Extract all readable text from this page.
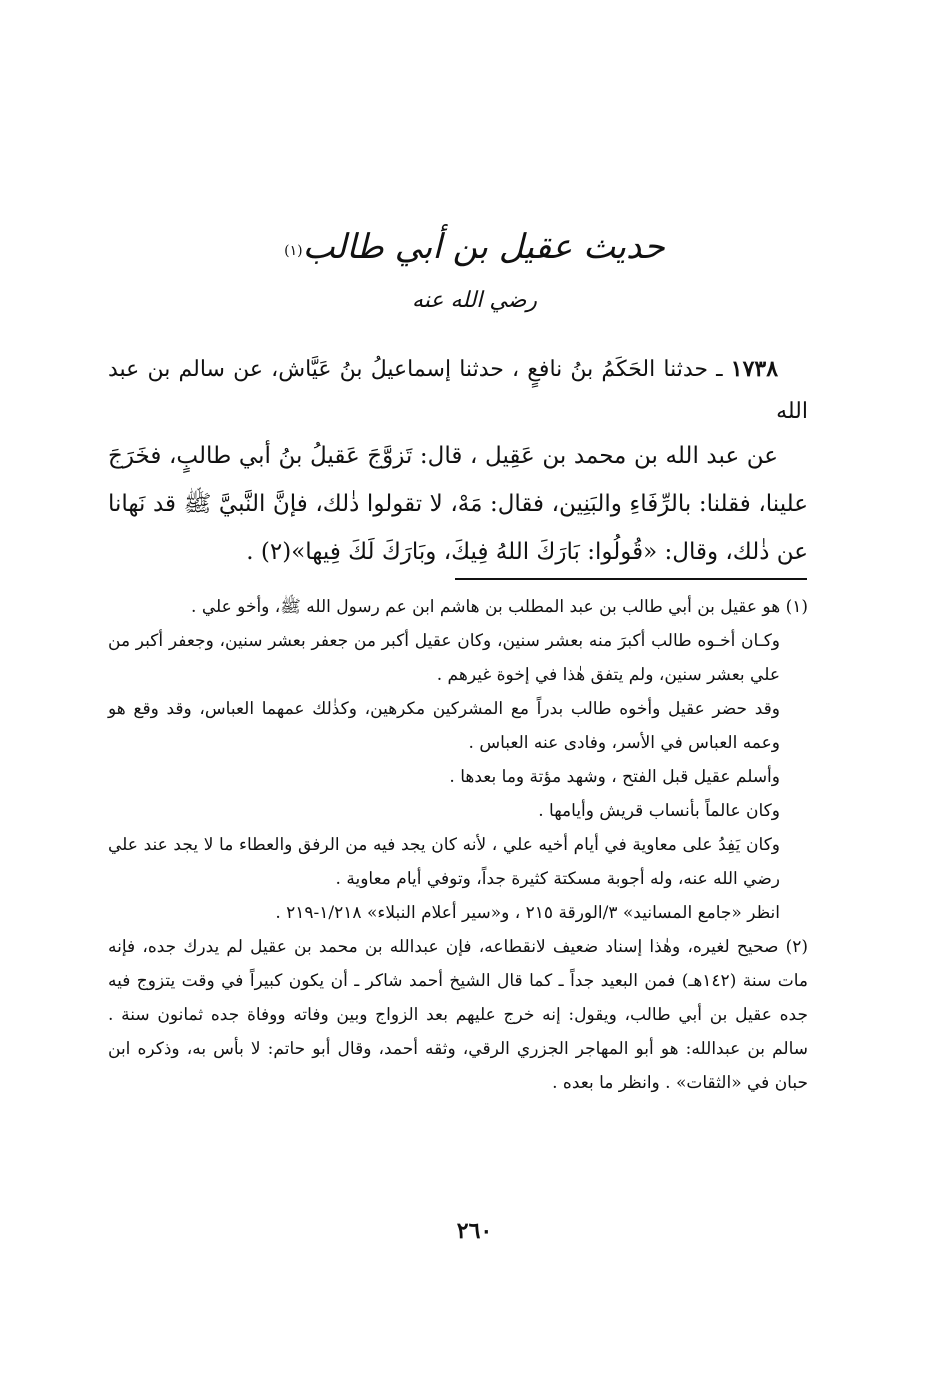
حديث عقيل بن أبي طالب$^{(١)}$
رضي الله عنه
١٧٣٨ ـ حدثنا الحَكَمُ بنُ نافعٍ ، حدثنا إسماعيلُ بنُ عَيَّاش، عن سالم بن عبد الله
عن عبد الله بن محمد بن عَقِيل ، قال: تَزوَّجَ عَقيلُ بنُ أبي طالبٍ، فخَرَجَ علينا، فقلنا: بالرِّفَاءِ والبَنِين، فقال: مَهْ، لا تقولوا ذٰلك، فإنَّ النَّبيَّ ﷺ قد نَهانا عن ذٰلك، وقال: «قُولُوا: بَارَكَ اللهُ فِيكَ، وبَارَكَ لَكَ فِيها»(٢) .

(١) هو عقيل بن أبي طالب بن عبد المطلب بن هاشم ابن عم رسول الله ﷺ، وأخو علي .

وكـان أخـوه طالب أكبرَ منه بعشر سنين، وكان عقيل أكبر من جعفر بعشر سنين، وجعفر أكبر من علي بعشر سنين، ولم يتفق هٰذا في إخوة غيرهم .

وقد حضر عقيل وأخوه طالب بدراً مع المشركين مكرهين، وكذٰلك عمهما العباس، وقد وقع هو وعمه العباس في الأسر، وفادى عنه العباس .

وأسلم عقيل قبل الفتح ، وشهد مؤتة وما بعدها .

وكان عالماً بأنساب قريش وأيامها .

وكان يَفِدُ على معاوية في أيام أخيه علي ، لأنه كان يجد فيه من الرفق والعطاء ما لا يجد عند علي رضي الله عنه، وله أجوبة مسكتة كثيرة جداً، وتوفي أيام معاوية .

انظر «جامع المسانيد» ٣/الورقة ٢١٥ ، و«سير أعلام النبلاء» ١/٢١٨-٢١٩ .

(٢) صحيح لغيره، وهٰذا إسناد ضعيف لانقطاعه، فإن عبدالله بن محمد بن عقيل لم يدرك جده، فإنه مات سنة (١٤٢هـ) فمن البعيد جداً ـ كما قال الشيخ أحمد شاكر ـ أن يكون كبيراً في وقت يتزوج فيه جده عقيل بن أبي طالب، ويقول: إنه خرج عليهم بعد الزواج وبين وفاته ووفاة جده ثمانون سنة . سالم بن عبدالله: هو أبو المهاجر الجزري الرقي، وثقه أحمد، وقال أبو حاتم: لا بأس به، وذكره ابن حبان في «الثقات» . وانظر ما بعده .

٢٦٠
